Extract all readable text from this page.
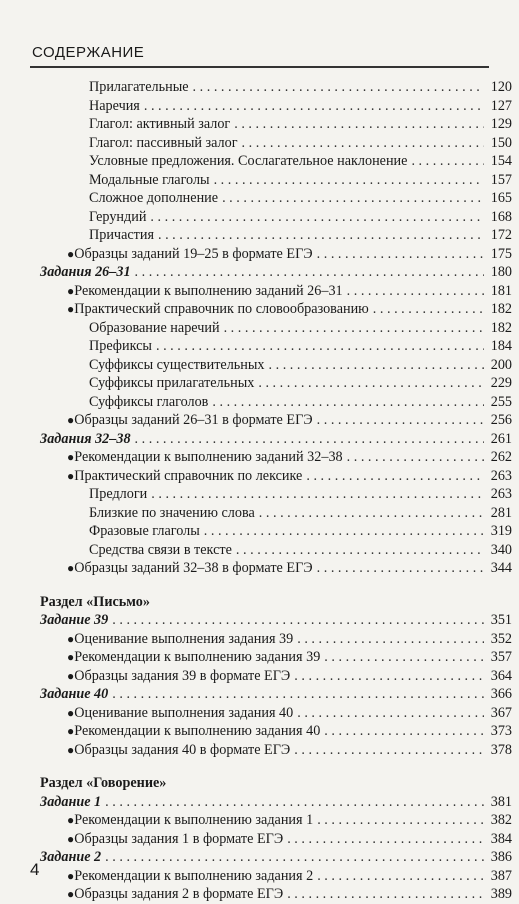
СОДЕРЖАНИЕ
Прилагательные . . .	120
Наречия . . .	127
Глагол: активный залог . . .	129
Глагол: пассивный залог . . .	150
Условные предложения. Сослагательное наклонение . . .	154
Модальные глаголы . . .	157
Сложное дополнение . . .	165
Герундий . . .	168
Причастия . . .	172
● Образцы заданий 19–25 в формате ЕГЭ . . .	175
Задания 26–31 . . .	180
● Рекомендации к выполнению заданий 26–31 . . .	181
● Практический справочник по словообразованию . . .	182
Образование наречий . . .	182
Префиксы . . .	184
Суффиксы существительных . . .	200
Суффиксы прилагательных . . .	229
Суффиксы глаголов . . .	255
● Образцы заданий 26–31 в формате ЕГЭ . . .	256
Задания 32–38 . . .	261
● Рекомендации к выполнению заданий 32–38 . . .	262
● Практический справочник по лексике . . .	263
Предлоги . . .	263
Близкие по значению слова . . .	281
Фразовые глаголы . . .	319
Средства связи в тексте . . .	340
● Образцы заданий 32–38 в формате ЕГЭ . . .	344
Раздел «Письмо»
Задание 39 . . .	351
● Оценивание выполнения задания 39 . . .	352
● Рекомендации к выполнению задания 39 . . .	357
● Образцы задания 39 в формате ЕГЭ . . .	364
Задание 40 . . .	366
● Оценивание выполнения задания 40 . . .	367
● Рекомендации к выполнению задания 40 . . .	373
● Образцы задания 40 в формате ЕГЭ . . .	378
Раздел «Говорение»
Задание 1 . . .	381
● Рекомендации к выполнению задания 1 . . .	382
● Образцы задания 1 в формате ЕГЭ . . .	384
Задание 2 . . .	386
● Рекомендации к выполнению задания 2 . . .	387
● Образцы задания 2 в формате ЕГЭ . . .	389
4
